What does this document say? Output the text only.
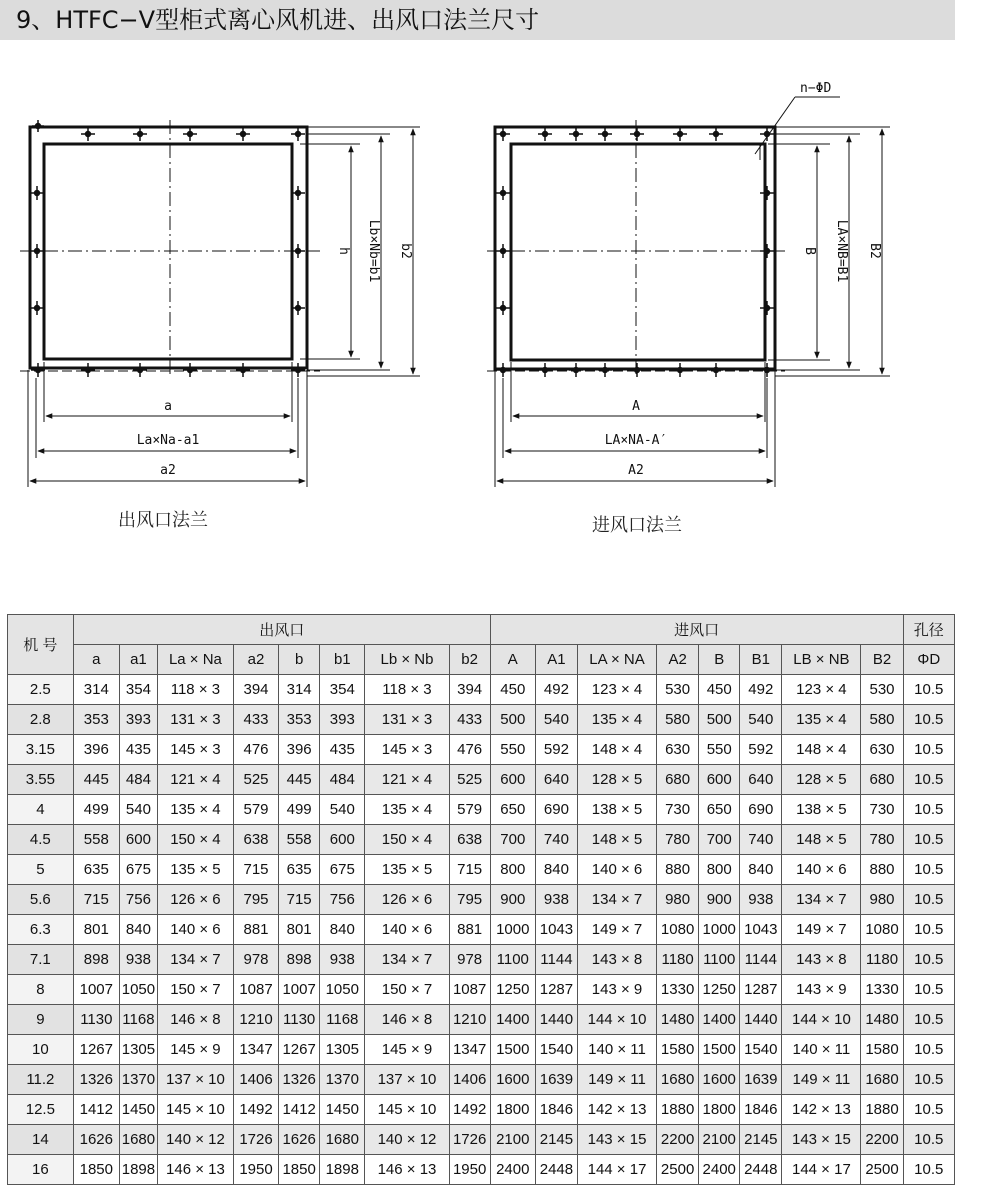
9、HTFC−Ⅴ型柜式离心风机进、出风口法兰尺寸
a
La×Na-a1
a2
h Lb×Nb=b1 b2
A
LA×NA-A′
A2
B LA×NB=B1 B2
n−ΦD
出风口法兰	进风口法兰
机 号	出风口								进风口								孔径
	a	a1	La × Na	a2	b	b1	Lb × Nb	b2	A	A1	LA × NA	A2	B	B1	LB × NB	B2	ΦD
2.5	314	354	118 × 3	394	314	354	118 × 3	394	450	492	123 × 4	530	450	492	123 × 4	530	10.5
2.8	353	393	131 × 3	433	353	393	131 × 3	433	500	540	135 × 4	580	500	540	135 × 4	580	10.5
3.15	396	435	145 × 3	476	396	435	145 × 3	476	550	592	148 × 4	630	550	592	148 × 4	630	10.5
3.55	445	484	121 × 4	525	445	484	121 × 4	525	600	640	128 × 5	680	600	640	128 × 5	680	10.5
4	499	540	135 × 4	579	499	540	135 × 4	579	650	690	138 × 5	730	650	690	138 × 5	730	10.5
4.5	558	600	150 × 4	638	558	600	150 × 4	638	700	740	148 × 5	780	700	740	148 × 5	780	10.5
5	635	675	135 × 5	715	635	675	135 × 5	715	800	840	140 × 6	880	800	840	140 × 6	880	10.5
5.6	715	756	126 × 6	795	715	756	126 × 6	795	900	938	134 × 7	980	900	938	134 × 7	980	10.5
6.3	801	840	140 × 6	881	801	840	140 × 6	881	1000	1043	149 × 7	1080	1000	1043	149 × 7	1080	10.5
7.1	898	938	134 × 7	978	898	938	134 × 7	978	1100	1144	143 × 8	1180	1100	1144	143 × 8	1180	10.5
8	1007	1050	150 × 7	1087	1007	1050	150 × 7	1087	1250	1287	143 × 9	1330	1250	1287	143 × 9	1330	10.5
9	1130	1168	146 × 8	1210	1130	1168	146 × 8	1210	1400	1440	144 × 10	1480	1400	1440	144 × 10	1480	10.5
10	1267	1305	145 × 9	1347	1267	1305	145 × 9	1347	1500	1540	140 × 11	1580	1500	1540	140 × 11	1580	10.5
11.2	1326	1370	137 × 10	1406	1326	1370	137 × 10	1406	1600	1639	149 × 11	1680	1600	1639	149 × 11	1680	10.5
12.5	1412	1450	145 × 10	1492	1412	1450	145 × 10	1492	1800	1846	142 × 13	1880	1800	1846	142 × 13	1880	10.5
14	1626	1680	140 × 12	1726	1626	1680	140 × 12	1726	2100	2145	143 × 15	2200	2100	2145	143 × 15	2200	10.5
16	1850	1898	146 × 13	1950	1850	1898	146 × 13	1950	2400	2448	144 × 17	2500	2400	2448	144 × 17	2500	10.5
